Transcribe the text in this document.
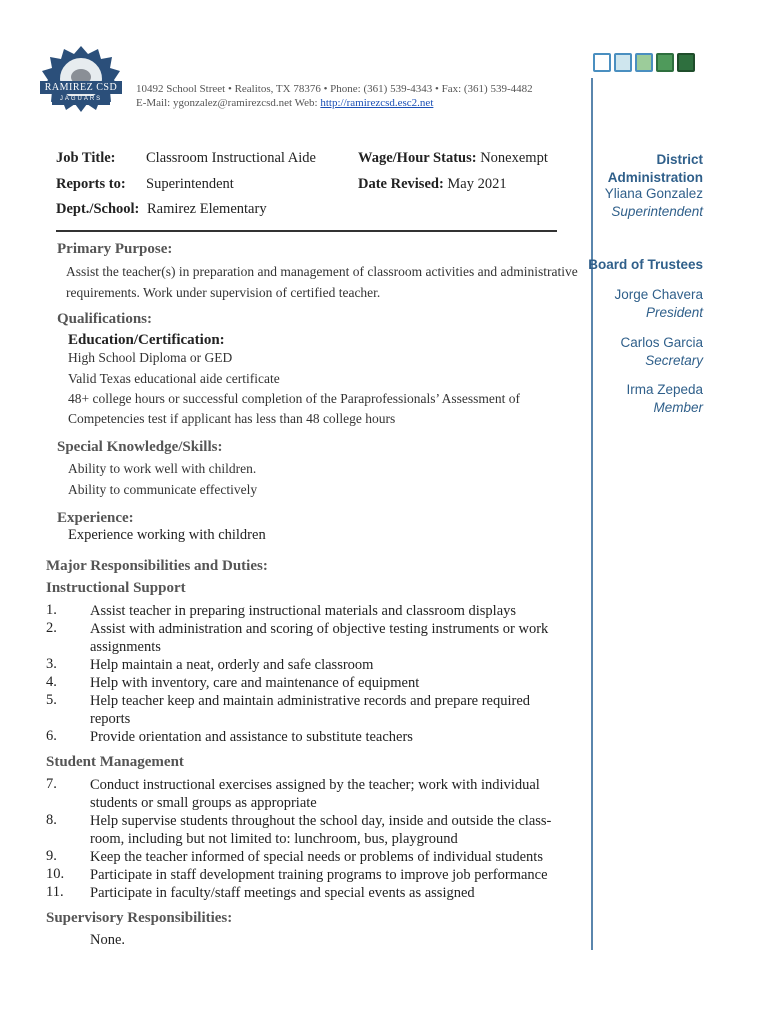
RAMIREZ CSD
JAGUARS
10492 School Street • Realitos, TX 78376 • Phone: (361) 539-4343 • Fax: (361) 539-4482
E-Mail: ygonzalez@ramirezcsd.net Web: http://ramirezcsd.esc2.net
Job Title: Classroom Instructional Aide	Wage/Hour Status: Nonexempt
Reports to: Superintendent	Date Revised: May 2021
Dept./School: Ramirez Elementary
Primary Purpose:
Assist the teacher(s) in preparation and management of classroom activities and administrative
requirements. Work under supervision of certified teacher.
Qualifications:
Education/Certification:
High School Diploma or GED
Valid Texas educational aide certificate
48+ college hours or successful completion of the Paraprofessionals’ Assessment of
Competencies test if applicant has less than 48 college hours
Special Knowledge/Skills:
Ability to work well with children.
Ability to communicate effectively
Experience:
Experience working with children
Major Responsibilities and Duties:
Instructional Support
1.	Assist teacher in preparing instructional materials and classroom displays
2.	Assist with administration and scoring of objective testing instruments or work assignments
3.	Help maintain a neat, orderly and safe classroom
4.	Help with inventory, care and maintenance of equipment
5.	Help teacher keep and maintain administrative records and prepare required reports
6.	Provide orientation and assistance to substitute teachers
Student Management
7.	Conduct instructional exercises assigned by the teacher; work with individual students or small groups as appropriate
8.	Help supervise students throughout the school day, inside and outside the class-room, including but not limited to: lunchroom, bus, playground
9.	Keep the teacher informed of special needs or problems of individual students
10.	Participate in staff development training programs to improve job performance
11.	Participate in faculty/staff meetings and special events as assigned
Supervisory Responsibilities:
None.
District Administration
Yliana Gonzalez
Superintendent
Board of Trustees
Jorge Chavera
President
Carlos Garcia
Secretary
Irma Zepeda
Member
